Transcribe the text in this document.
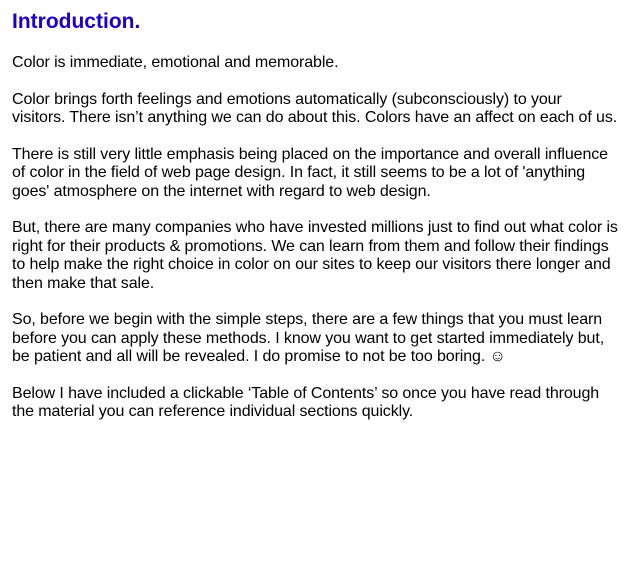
Introduction.

Color is immediate, emotional and memorable.

Color brings forth feelings and emotions automatically (subconsciously) to your visitors. There isn’t anything we can do about this. Colors have an affect on each of us.

There is still very little emphasis being placed on the importance and overall influence of color in the field of web page design. In fact, it still seems to be a lot of 'anything goes' atmosphere on the internet with regard to web design.

But, there are many companies who have invested millions just to find out what color is right for their products & promotions. We can learn from them and follow their findings to help make the right choice in color on our sites to keep our visitors there longer and then make that sale.

So, before we begin with the simple steps, there are a few things that you must learn before you can apply these methods. I know you want to get started immediately but, be patient and all will be revealed. I do promise to not be too boring. ☺

Below I have included a clickable ‘Table of Contents’ so once you have read through the material you can reference individual sections quickly.
